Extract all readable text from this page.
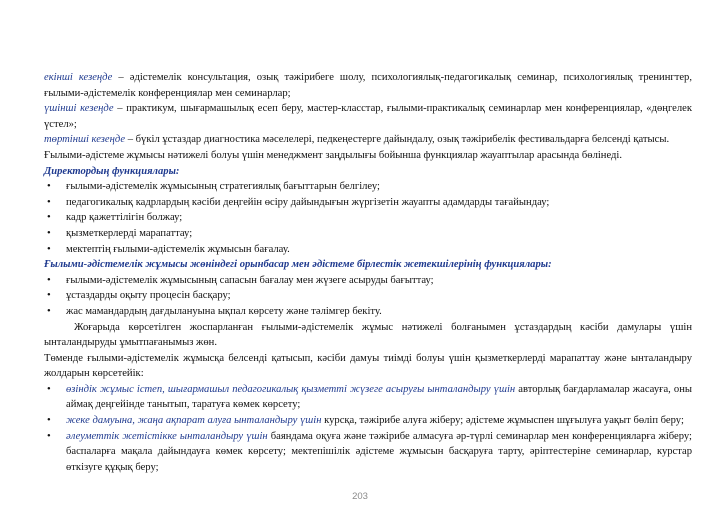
екінші кезеңде – әдістемелік консультация, озық тәжірибеге шолу, психологиялық-педагогикалық семинар, психологиялық тренингтер, ғылыми-әдістемелік конференциялар мен семинарлар;

үшінші кезеңде – практикум, шығармашылық есеп беру, мастер-класстар, ғылыми-практикалық семинарлар мен конференциялар, «дөңгелек үстел»;

төртінші кезеңде – бүкіл ұстаздар диагностика мәселелері, педкеңестерге дайындалу, озық тәжірибелік фестивальдарға белсенді қатысы.

Ғылыми-әдістеме жұмысы нәтижелі болуы үшін менеджмент заңдылығы бойынша функциялар жауаптылар арасында бөлінеді.

Директордың функциялары:

• ғылыми-әдістемелік жұмысының стратегиялық бағыттарын белгілеу;

• педагогикалық кадрлардың кәсіби деңгейін өсіру дайындығын жүргізетін жауапты адамдарды тағайындау;

• кадр қажеттілігін болжау;

• қызметкерлерді марапаттау;

• мектептің ғылыми-әдістемелік жұмысын бағалау.

Ғылыми-әдістемелік жұмысы жөніндегі орынбасар мен әдістеме бірлестік жетекшілерінің функциялары:

• ғылыми-әдістемелік жұмысының сапасын бағалау мен жүзеге асыруды бағыттау;

• ұстаздарды оқыту процесін басқару;

• жас мамандардың дағдылануына ықпал көрсету және тәлімгер бекіту.

Жоғарыда көрсетілген жоспарланған ғылыми-әдістемелік жұмыс нәтижелі болғанымен ұстаздардың кәсіби дамулары үшін ынталандыруды ұмытпағанымыз жөн.

Төменде ғылыми-әдістемелік жұмысқа белсенді қатысып, кәсіби дамуы тиімді болуы үшін қызметкерлерді марапаттау және ынталандыру жолдарын көрсетейік:

• өзіндік жұмыс істеп, шығармашыл педагогикалық қызметті жүзеге асыруғы ынталандыру үшін авторлық бағдарламалар жасауға, оны аймақ деңгейінде танытып, таратуға көмек көрсету;

• жеке дамуына, жаңа ақпарат алуға ынталандыру үшін курсқа, тәжірибе алуға жіберу; әдістеме жұмыспен шұғылуға уақыт бөліп беру;

• әлеуметтік жетістікке ынталандыру үшін баяндама оқуға және тәжірибе алмасуға әр-түрлі семинарлар мен конференцияларға жіберу; баспаларға мақала дайындауға көмек көрсету; мектепішілік әдістеме жұмысын басқаруға тарту, әріптестеріне семинарлар, курстар өткізуге құқық беру;

203
